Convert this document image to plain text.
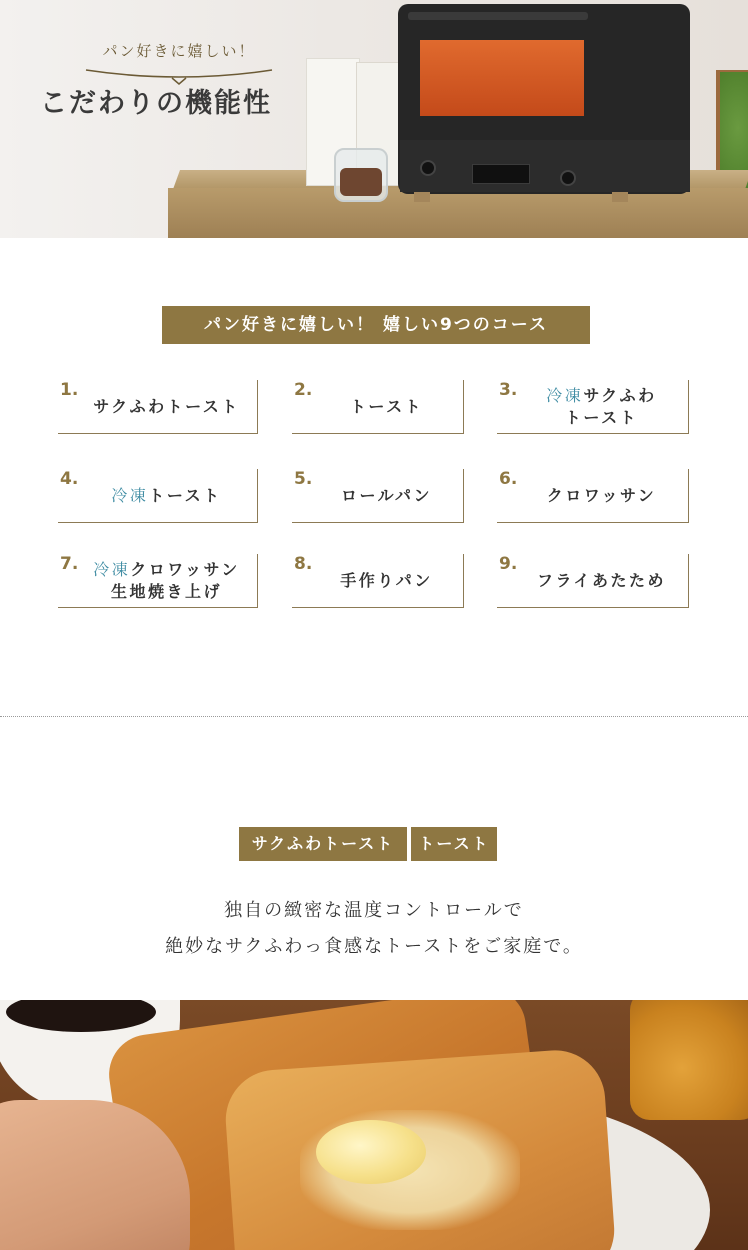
パン好きに嬉しい！
こだわりの機能性
パン好きに嬉しい！ 嬉しい9つのコース
1.
サクふわトースト
2.
トースト
3. 冷凍サクふわ
トースト
4.
冷凍トースト
5.
ロールパン
6.
クロワッサン
7. 冷凍クロワッサン
生地焼き上げ
8.
手作りパン
9.
フライあたため
サクふわトースト	トースト
独自の緻密な温度コントロールで
絶妙なサクふわっ食感なトーストをご家庭で。
